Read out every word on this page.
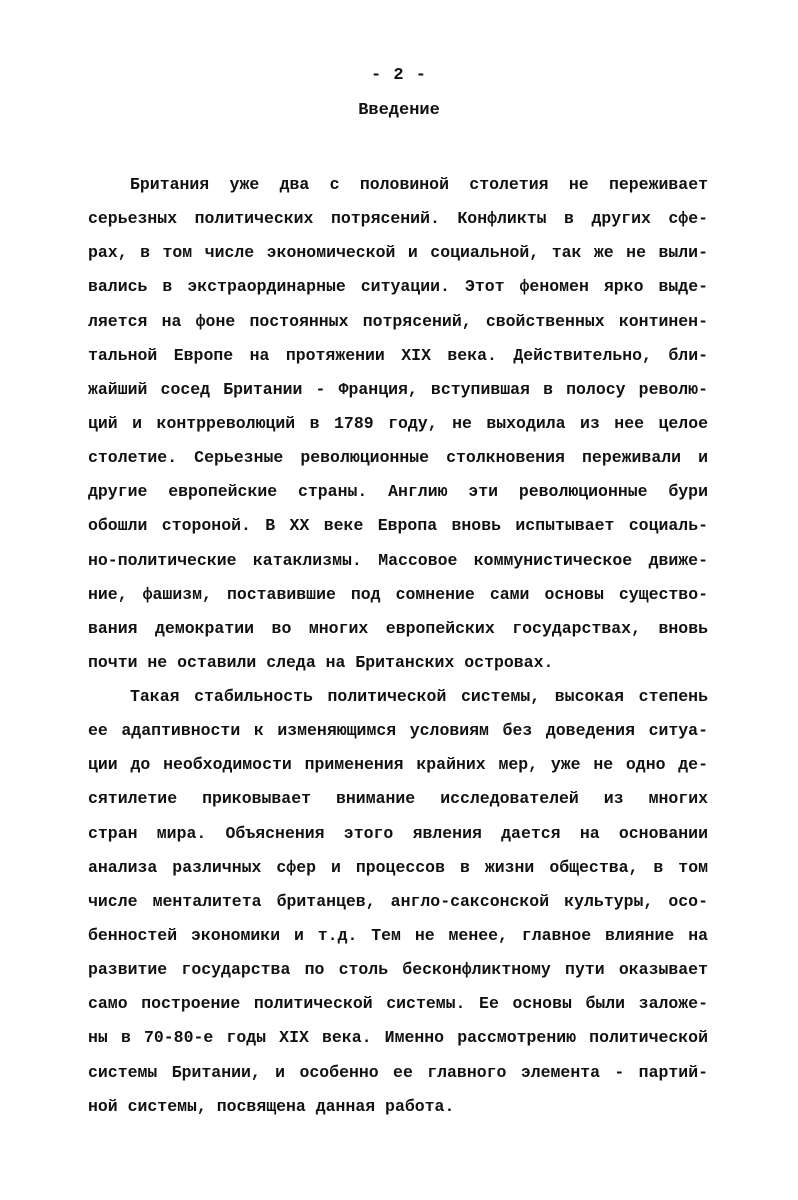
- 2 -
Введение
Британия уже два с половиной столетия не переживает
серьезных политических потрясений. Конфликты в других сфе-
рах, в том числе экономической и социальной, так же не выли-
вались в экстраординарные ситуации. Этот феномен ярко выде-
ляется на фоне постоянных потрясений, свойственных континен-
тальной Европе на протяжении XIX века. Действительно, бли-
жайший сосед Британии - Франция, вступившая в полосу револю-
ций и контрреволюций в 1789 году, не выходила из нее целое
столетие. Серьезные революционные столкновения переживали и
другие европейские страны. Англию эти революционные бури
обошли стороной. В XX веке Европа вновь испытывает социаль-
но-политические катаклизмы. Массовое коммунистическое движе-
ние, фашизм, поставившие под сомнение сами основы существо-
вания демократии во многих европейских государствах, вновь
почти не оставили следа на Британских островах.
Такая стабильность политической системы, высокая степень
ее адаптивности к изменяющимся условиям без доведения ситуа-
ции до необходимости применения крайних мер, уже не одно де-
сятилетие приковывает внимание исследователей из многих
стран мира. Объяснения этого явления дается на основании
анализа различных сфер и процессов в жизни общества, в том
числе менталитета британцев, англо-саксонской культуры, осо-
бенностей экономики и т.д. Тем не менее, главное влияние на
развитие государства по столь бесконфликтному пути оказывает
само построение политической системы. Ее основы были заложе-
ны в 70-80-е годы XIX века. Именно рассмотрению политической
системы Британии, и особенно ее главного элемента - партий-
ной системы, посвящена данная работа.
